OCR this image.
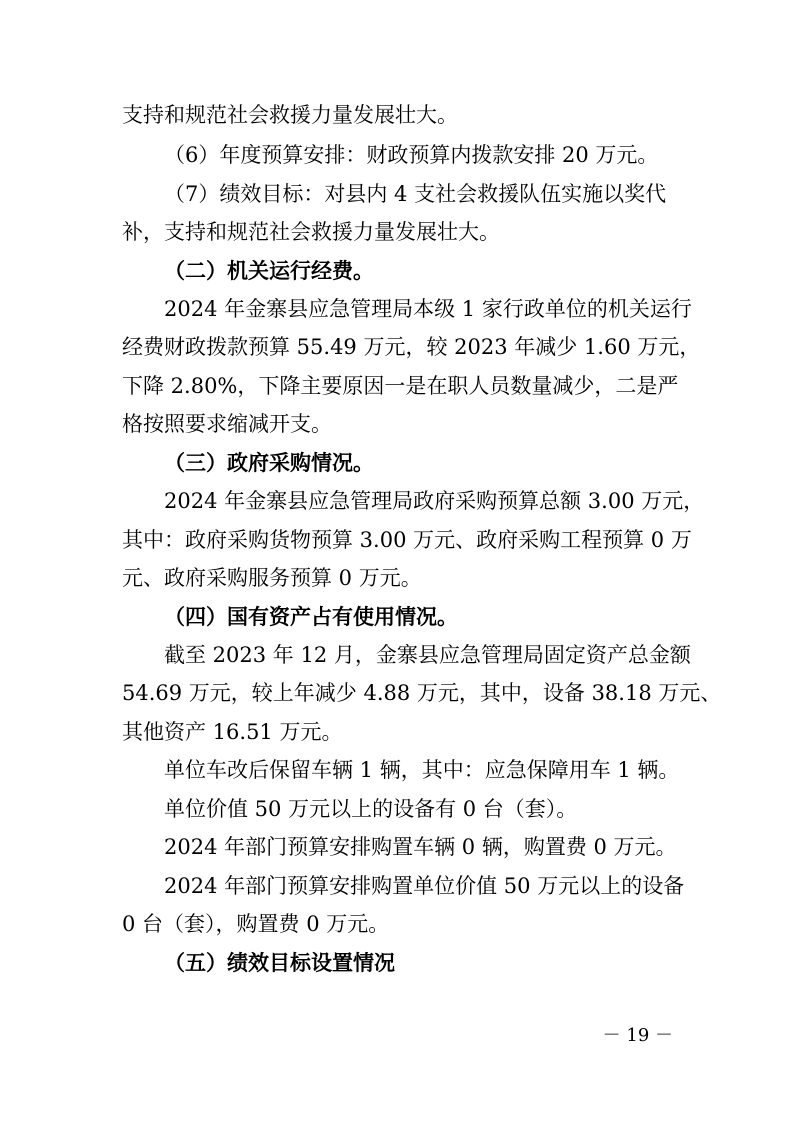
支持和规范社会救援力量发展壮大。
（6）年度预算安排：财政预算内拨款安排 20 万元。
（7）绩效目标：对县内 4 支社会救援队伍实施以奖代
补，支持和规范社会救援力量发展壮大。
（二）机关运行经费。
2024 年金寨县应急管理局本级 1 家行政单位的机关运行
经费财政拨款预算 55.49 万元，较 2023 年减少 1.60 万元，
下降 2.80%，下降主要原因一是在职人员数量减少，二是严
格按照要求缩减开支。
（三）政府采购情况。
2024 年金寨县应急管理局政府采购预算总额 3.00 万元，
其中：政府采购货物预算 3.00 万元、政府采购工程预算 0 万
元、政府采购服务预算 0 万元。
（四）国有资产占有使用情况。
截至 2023 年 12 月，金寨县应急管理局固定资产总金额
54.69 万元，较上年减少 4.88 万元，其中，设备 38.18 万元、
其他资产 16.51 万元。
单位车改后保留车辆 1 辆，其中：应急保障用车 1 辆。
单位价值 50 万元以上的设备有 0 台（套）。
2024 年部门预算安排购置车辆 0 辆，购置费 0 万元。
2024 年部门预算安排购置单位价值 50 万元以上的设备
0 台（套），购置费 0 万元。
（五）绩效目标设置情况
－ 19 －
